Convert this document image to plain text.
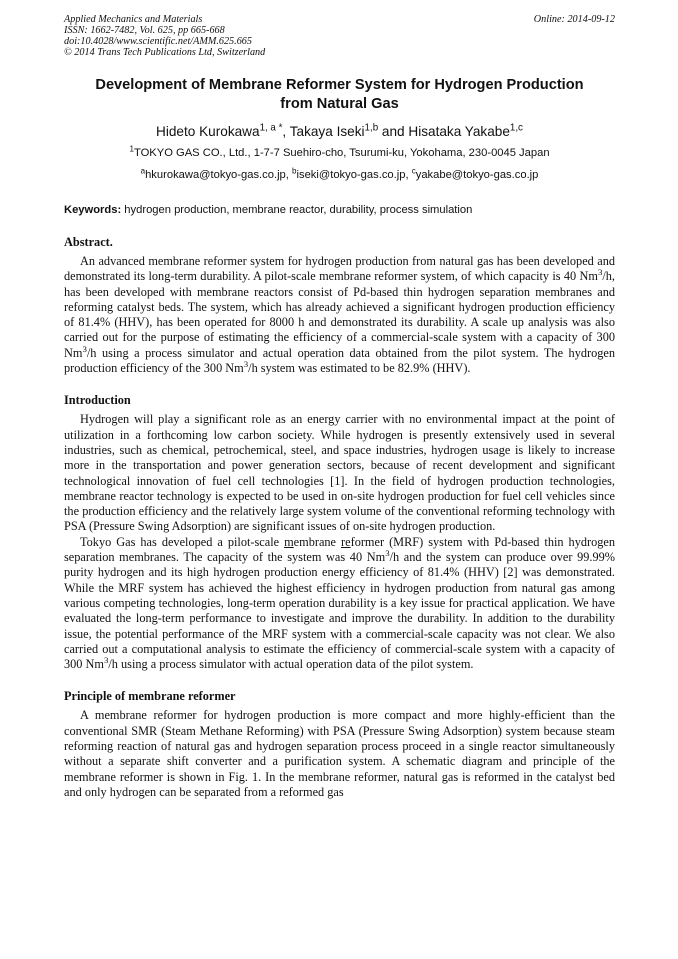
Applied Mechanics and Materials
ISSN: 1662-7482, Vol. 625, pp 665-668
doi:10.4028/www.scientific.net/AMM.625.665
© 2014 Trans Tech Publications Ltd, Switzerland
Online: 2014-09-12
Development of Membrane Reformer System for Hydrogen Production
from Natural Gas
Hideto Kurokawa$^{1, a *}$, Takaya Iseki$^{1,b}$ and Hisataka Yakabe$^{1,c}$
$^1$TOKYO GAS CO., Ltd., 1-7-7 Suehiro-cho, Tsurumi-ku, Yokohama, 230-0045 Japan
$^a$hkurokawa@tokyo-gas.co.jp, $^b$iseki@tokyo-gas.co.jp, $^c$yakabe@tokyo-gas.co.jp
Keywords: hydrogen production, membrane reactor, durability, process simulation
Abstract.

An advanced membrane reformer system for hydrogen production from natural gas has been developed and demonstrated its long-term durability. A pilot-scale membrane reformer system, of which capacity is 40 Nm$^3$/h, has been developed with membrane reactors consist of Pd-based thin hydrogen separation membranes and reforming catalyst beds. The system, which has already achieved a significant hydrogen production efficiency of 81.4% (HHV), has been operated for 8000 h and demonstrated its durability. A scale up analysis was also carried out for the purpose of estimating the efficiency of a commercial-scale system with a capacity of 300 Nm$^3$/h using a process simulator and actual operation data obtained from the pilot system. The hydrogen production efficiency of the 300 Nm$^3$/h system was estimated to be 82.9% (HHV).

Introduction

Hydrogen will play a significant role as an energy carrier with no environmental impact at the point of utilization in a forthcoming low carbon society. While hydrogen is presently extensively used in several industries, such as chemical, petrochemical, steel, and space industries, hydrogen usage is likely to increase more in the transportation and power generation sectors, because of recent development and significant technological innovation of fuel cell technologies [1]. In the field of hydrogen production technologies, membrane reactor technology is expected to be used in on-site hydrogen production for fuel cell vehicles since the production efficiency and the relatively large system volume of the conventional reforming technology with PSA (Pressure Swing Adsorption) are significant issues of on-site hydrogen production.

Tokyo Gas has developed a pilot-scale membrane reformer (MRF) system with Pd-based thin hydrogen separation membranes. The capacity of the system was 40 Nm$^3$/h and the system can produce over 99.99% purity hydrogen and its high hydrogen production energy efficiency of 81.4% (HHV) [2] was demonstrated. While the MRF system has achieved the highest efficiency in hydrogen production from natural gas among various competing technologies, long-term operation durability is a key issue for practical application. We have evaluated the long-term performance to investigate and improve the durability. In addition to the durability issue, the potential performance of the MRF system with a commercial-scale capacity was not clear. We also carried out a computational analysis to estimate the efficiency of commercial-scale system with a capacity of 300 Nm$^3$/h using a process simulator with actual operation data of the pilot system.

Principle of membrane reformer

A membrane reformer for hydrogen production is more compact and more highly-efficient than the conventional SMR (Steam Methane Reforming) with PSA (Pressure Swing Adsorption) system because steam reforming reaction of natural gas and hydrogen separation process proceed in a single reactor simultaneously without a separate shift converter and a purification system. A schematic diagram and principle of the membrane reformer is shown in Fig. 1. In the membrane reformer, natural gas is reformed in the catalyst bed and only hydrogen can be separated from a reformed gas
